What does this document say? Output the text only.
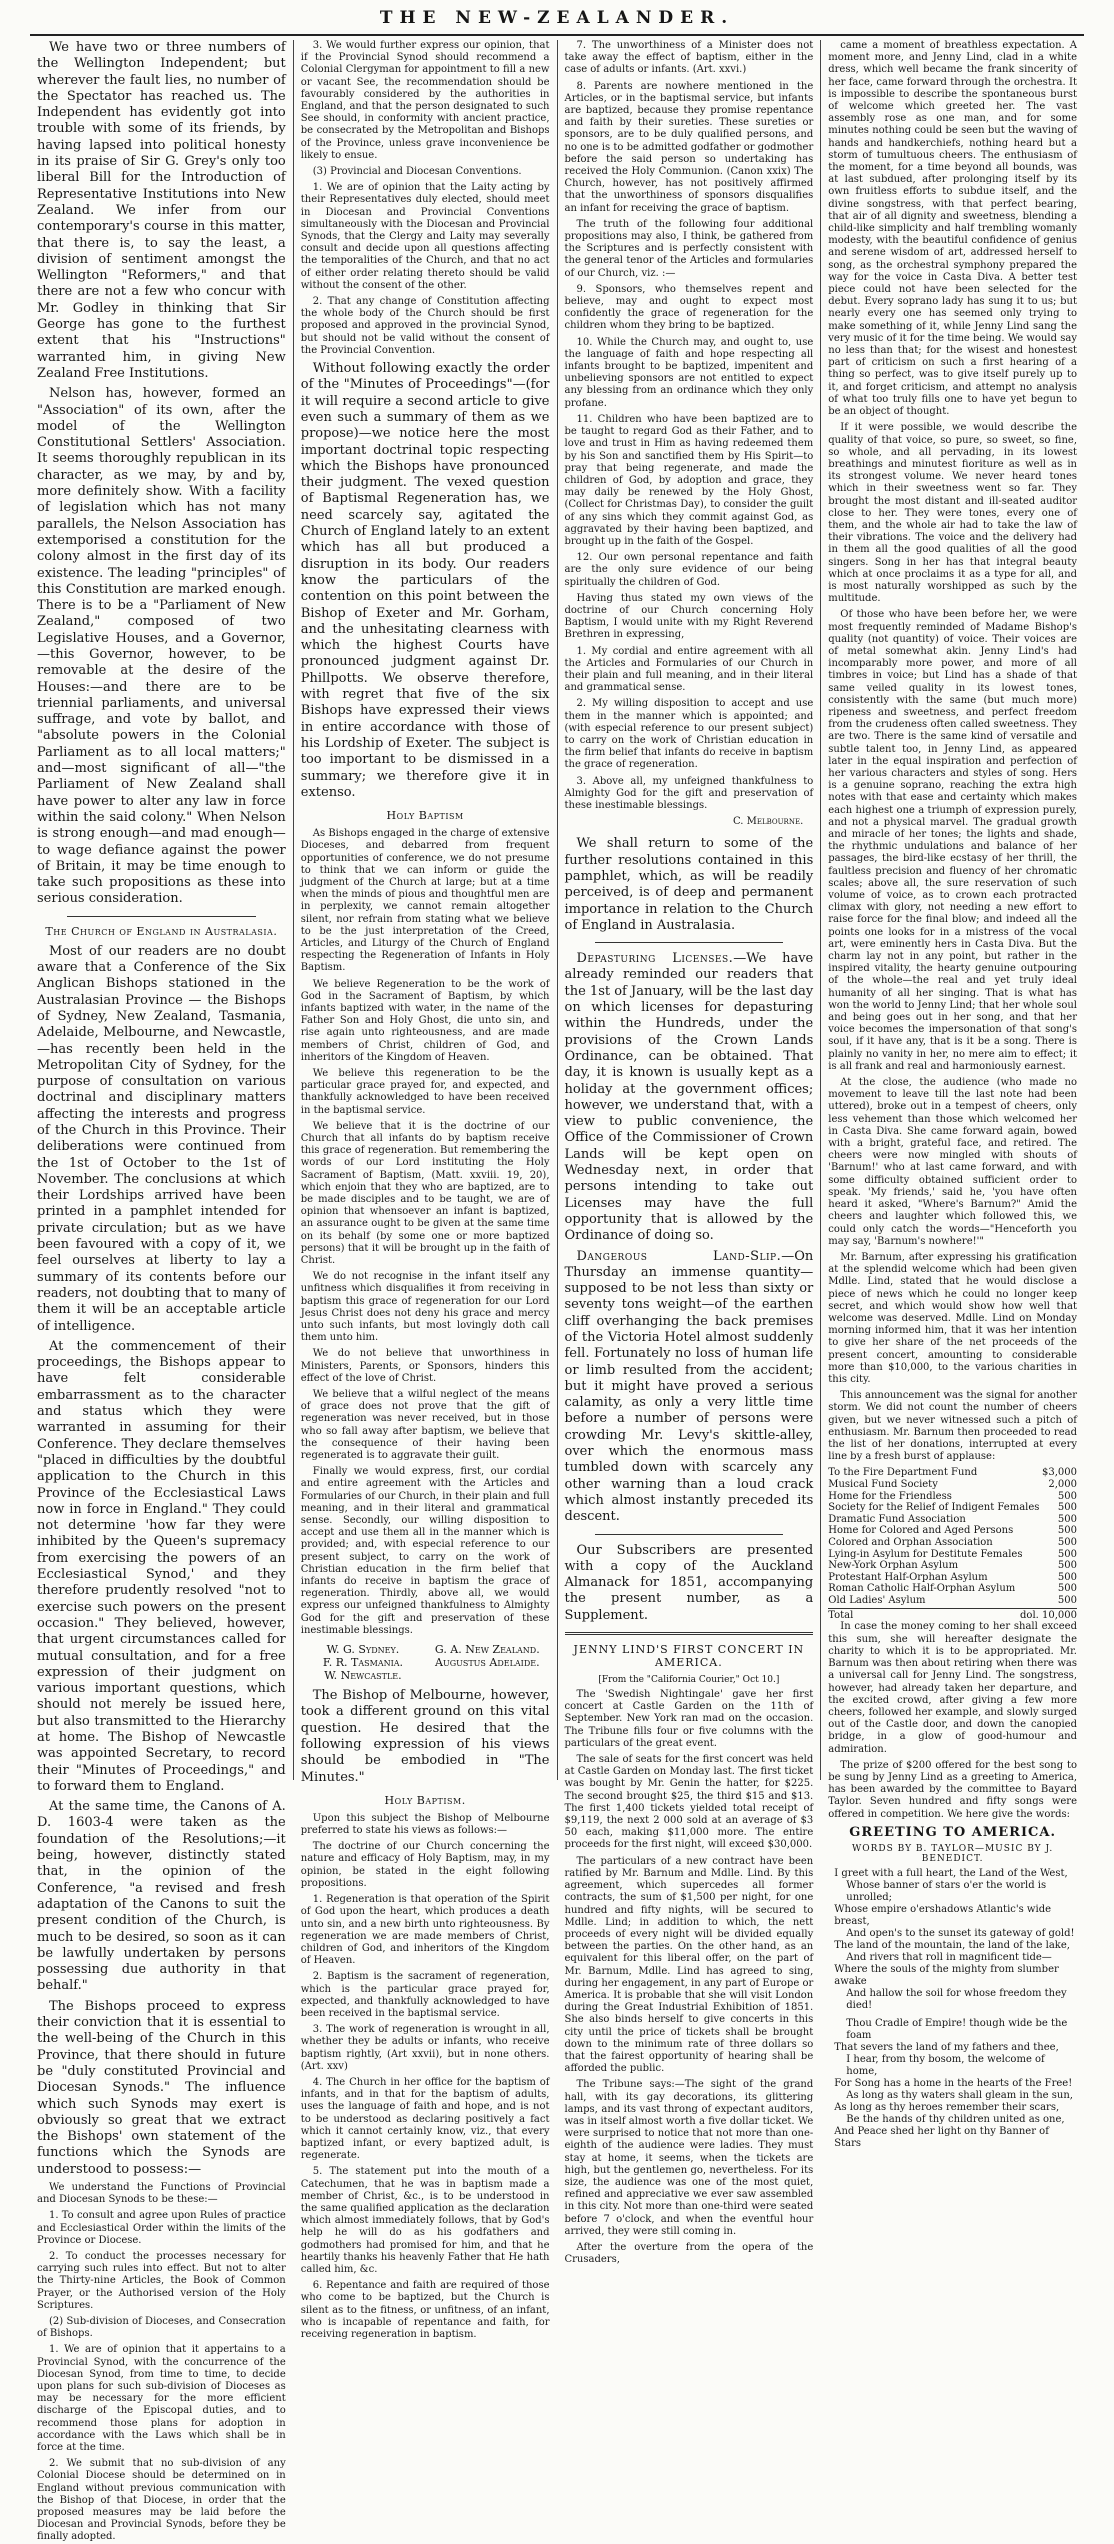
THE NEW-ZEALANDER.

We have two or three numbers of the Wellington Independent; but wherever the fault lies, no number of the Spectator has reached us. The Independent has evidently got into trouble with some of its friends, by having lapsed into political honesty in its praise of Sir G. Grey's only too liberal Bill for the Introduction of Representative Institutions into New Zealand. We infer from our contemporary's course in this matter, that there is, to say the least, a division of sentiment amongst the Wellington "Reformers," and that there are not a few who concur with Mr. Godley in thinking that Sir George has gone to the furthest extent that his "Instructions" warranted him, in giving New Zealand Free Institutions.

Nelson has, however, formed an "Association" of its own, after the model of the Wellington Constitutional Settlers' Association. It seems thoroughly republican in its character, as we may, by and by, more definitely show. With a facility of legislation which has not many parallels, the Nelson Association has extemporised a constitution for the colony almost in the first day of its existence. The leading "principles" of this Constitution are marked enough. There is to be a "Parliament of New Zealand," composed of two Legislative Houses, and a Governor,—this Governor, however, to be removable at the desire of the Houses:—and there are to be triennial parliaments, and universal suffrage, and vote by ballot, and "absolute powers in the Colonial Parliament as to all local matters;" and—most significant of all—"the Parliament of New Zealand shall have power to alter any law in force within the said colony." When Nelson is strong enough—and mad enough—to wage defiance against the power of Britain, it may be time enough to take such propositions as these into serious consideration.

The Church of England in Australasia.

Most of our readers are no doubt aware that a Conference of the Six Anglican Bishops stationed in the Australasian Province — the Bishops of Sydney, New Zealand, Tasmania, Adelaide, Melbourne, and Newcastle,—has recently been held in the Metropolitan City of Sydney, for the purpose of consultation on various doctrinal and disciplinary matters affecting the interests and progress of the Church in this Province. Their deliberations were continued from the 1st of October to the 1st of November. The conclusions at which their Lordships arrived have been printed in a pamphlet intended for private circulation; but as we have been favoured with a copy of it, we feel ourselves at liberty to lay a summary of its contents before our readers, not doubting that to many of them it will be an acceptable article of intelligence.

At the commencement of their proceedings, the Bishops appear to have felt considerable embarrassment as to the character and status which they were warranted in assuming for their Conference. They declare themselves "placed in difficulties by the doubtful application to the Church in this Province of the Ecclesiastical Laws now in force in England." They could not determine 'how far they were inhibited by the Queen's supremacy from exercising the powers of an Ecclesiastical Synod,' and they therefore prudently resolved "not to exercise such powers on the present occasion." They believed, however, that urgent circumstances called for mutual consultation, and for a free expression of their judgment on various important questions, which should not merely be issued here, but also transmitted to the Hierarchy at home. The Bishop of Newcastle was appointed Secretary, to record their "Minutes of Proceedings," and to forward them to England.

At the same time, the Canons of A. D. 1603-4 were taken as the foundation of the Resolutions;—it being, however, distinctly stated that, in the opinion of the Conference, "a revised and fresh adaptation of the Canons to suit the present condition of the Church, is much to be desired, so soon as it can be lawfully undertaken by persons possessing due authority in that behalf."

The Bishops proceed to express their conviction that it is essential to the well-being of the Church in this Province, that there should in future be "duly constituted Provincial and Diocesan Synods." The influence which such Synods may exert is obviously so great that we extract the Bishops' own statement of the functions which the Synods are understood to possess:—

We understand the Functions of Provincial and Diocesan Synods to be these:—

1. To consult and agree upon Rules of practice and Ecclesiastical Order within the limits of the Province or Diocese.

2. To conduct the processes necessary for carrying such rules into effect. But not to alter the Thirty-nine Articles, the Book of Common Prayer, or the Authorised version of the Holy Scriptures.

(2) Sub-division of Dioceses, and Consecration of Bishops.

1. We are of opinion that it appertains to a Provincial Synod, with the concurrence of the Diocesan Synod, from time to time, to decide upon plans for such sub-division of Dioceses as may be necessary for the more efficient discharge of the Episcopal duties, and to recommend those plans for adoption in accordance with the Laws which shall be in force at the time.

2. We submit that no sub-division of any Colonial Diocese should be determined on in England without previous communication with the Bishop of that Diocese, in order that the proposed measures may be laid before the Diocesan and Provincial Synods, before they be finally adopted.

3. We would further express our opinion, that if the Provincial Synod should recommend a Colonial Clergyman for appointment to fill a new or vacant See, the recommendation should be favourably considered by the authorities in England, and that the person designated to such See should, in conformity with ancient practice, be consecrated by the Metropolitan and Bishops of the Province, unless grave inconvenience be likely to ensue.

(3) Provincial and Diocesan Conventions.

1. We are of opinion that the Laity acting by their Representatives duly elected, should meet in Diocesan and Provincial Conventions simultaneously with the Diocesan and Provincial Synods, that the Clergy and Laity may severally consult and decide upon all questions affecting the temporalities of the Church, and that no act of either order relating thereto should be valid without the consent of the other.

2. That any change of Constitution affecting the whole body of the Church should be first proposed and approved in the provincial Synod, but should not be valid without the consent of the Provincial Convention.

Without following exactly the order of the "Minutes of Proceedings"—(for it will require a second article to give even such a summary of them as we propose)—we notice here the most important doctrinal topic respecting which the Bishops have pronounced their judgment. The vexed question of Baptismal Regeneration has, we need scarcely say, agitated the Church of England lately to an extent which has all but produced a disruption in its body. Our readers know the particulars of the contention on this point between the Bishop of Exeter and Mr. Gorham, and the unhesitating clearness with which the highest Courts have pronounced judgment against Dr. Phillpotts. We observe therefore, with regret that five of the six Bishops have expressed their views in entire accordance with those of his Lordship of Exeter. The subject is too important to be dismissed in a summary; we therefore give it in extenso.

Holy Baptism

As Bishops engaged in the charge of extensive Dioceses, and debarred from frequent opportunities of conference, we do not presume to think that we can inform or guide the judgment of the Church at large; but at a time when the minds of pious and thoughtful men are in perplexity, we cannot remain altogether silent, nor refrain from stating what we believe to be the just interpretation of the Creed, Articles, and Liturgy of the Church of England respecting the Regeneration of Infants in Holy Baptism.

We believe Regeneration to be the work of God in the Sacrament of Baptism, by which infants baptized with water, in the name of the Father Son and Holy Ghost, die unto sin, and rise again unto righteousness, and are made members of Christ, children of God, and inheritors of the Kingdom of Heaven.

We believe this regeneration to be the particular grace prayed for, and expected, and thankfully acknowledged to have been received in the baptismal service.

We believe that it is the doctrine of our Church that all infants do by baptism receive this grace of regeneration. But remembering the words of our Lord instituting the Holy Sacrament of Baptism, (Matt. xxviii. 19, 20), which enjoin that they who are baptized, are to be made disciples and to be taught, we are of opinion that whensoever an infant is baptized, an assurance ought to be given at the same time on its behalf (by some one or more baptized persons) that it will be brought up in the faith of Christ.

We do not recognise in the infant itself any unfitness which disqualifies it from receiving in baptism this grace of regeneration for our Lord Jesus Christ does not deny his grace and mercy unto such infants, but most lovingly doth call them unto him.

We do not believe that unworthiness in Ministers, Parents, or Sponsors, hinders this effect of the love of Christ.

We believe that a wilful neglect of the means of grace does not prove that the gift of regeneration was never received, but in those who so fall away after baptism, we believe that the consequence of their having been regenerated is to aggravate their guilt.

Finally we would express, first, our cordial and entire agreement with the Articles and Formularies of our Church, in their plain and full meaning, and in their literal and grammatical sense. Secondly, our willing disposition to accept and use them all in the manner which is provided; and, with especial reference to our present subject, to carry on the work of Christian education in the firm belief that infants do receive in baptism the grace of regeneration. Thirdly, above all, we would express our unfeigned thankfulness to Almighty God for the gift and preservation of these inestimable blessings.

W. G. Sydney.	G. A. New Zealand.
F. R. Tasmania.	Augustus Adelaide.
W. Newcastle.

The Bishop of Melbourne, however, took a different ground on this vital question. He desired that the following expression of his views should be embodied in "The Minutes."

Holy Baptism.

Upon this subject the Bishop of Melbourne preferred to state his views as follows:—

The doctrine of our Church concerning the nature and efficacy of Holy Baptism, may, in my opinion, be stated in the eight following propositions.

1. Regeneration is that operation of the Spirit of God upon the heart, which produces a death unto sin, and a new birth unto righteousness. By regeneration we are made members of Christ, children of God, and inheritors of the Kingdom of Heaven.

2. Baptism is the sacrament of regeneration, which is the particular grace prayed for, expected, and thankfully acknowledged to have been received in the baptismal service.

3. The work of regeneration is wrought in all, whether they be adults or infants, who receive baptism rightly, (Art xxvii), but in none others. (Art. xxv)

4. The Church in her office for the baptism of infants, and in that for the baptism of adults, uses the language of faith and hope, and is not to be understood as declaring positively a fact which it cannot certainly know, viz., that every baptized infant, or every baptized adult, is regenerate.

5. The statement put into the mouth of a Catechumen, that he was in baptism made a member of Christ, &c., is to be understood in the same qualified application as the declaration which almost immediately follows, that by God's help he will do as his godfathers and godmothers had promised for him, and that he heartily thanks his heavenly Father that He hath called him, &c.

6. Repentance and faith are required of those who come to be baptized, but the Church is silent as to the fitness, or unfitness, of an infant, who is incapable of repentance and faith, for receiving regeneration in baptism.

7. The unworthiness of a Minister does not take away the effect of baptism, either in the case of adults or infants. (Art. xxvi.)

8. Parents are nowhere mentioned in the Articles, or in the baptismal service, but infants are baptized, because they promise repentance and faith by their sureties. These sureties or sponsors, are to be duly qualified persons, and no one is to be admitted godfather or godmother before the said person so undertaking has received the Holy Communion. (Canon xxix) The Church, however, has not positively affirmed that the unworthiness of sponsors disqualifies an infant for receiving the grace of baptism.

The truth of the following four additional propositions may also, I think, be gathered from the Scriptures and is perfectly consistent with the general tenor of the Articles and formularies of our Church, viz. :—

9. Sponsors, who themselves repent and believe, may and ought to expect most confidently the grace of regeneration for the children whom they bring to be baptized.

10. While the Church may, and ought to, use the language of faith and hope respecting all infants brought to be baptized, impenitent and unbelieving sponsors are not entitled to expect any blessing from an ordinance which they only profane.

11. Children who have been baptized are to be taught to regard God as their Father, and to love and trust in Him as having redeemed them by his Son and sanctified them by His Spirit—to pray that being regenerate, and made the children of God, by adoption and grace, they may daily be renewed by the Holy Ghost, (Collect for Christmas Day), to consider the guilt of any sins which they commit against God, as aggravated by their having been baptized, and brought up in the faith of the Gospel.

12. Our own personal repentance and faith are the only sure evidence of our being spiritually the children of God.

Having thus stated my own views of the doctrine of our Church concerning Holy Baptism, I would unite with my Right Reverend Brethren in expressing,

1. My cordial and entire agreement with all the Articles and Formularies of our Church in their plain and full meaning, and in their literal and grammatical sense.

2. My willing disposition to accept and use them in the manner which is appointed; and (with especial reference to our present subject) to carry on the work of Christian education in the firm belief that infants do receive in baptism the grace of regeneration.

3. Above all, my unfeigned thankfulness to Almighty God for the gift and preservation of these inestimable blessings.

C. Melbourne.

We shall return to some of the further resolutions contained in this pamphlet, which, as will be readily perceived, is of deep and permanent importance in relation to the Church of England in Australasia.

Depasturing Licenses.—We have already reminded our readers that the 1st of January, will be the last day on which licenses for depasturing within the Hundreds, under the provisions of the Crown Lands Ordinance, can be obtained. That day, it is known is usually kept as a holiday at the government offices; however, we understand that, with a view to public convenience, the Office of the Commissioner of Crown Lands will be kept open on Wednesday next, in order that persons intending to take out Licenses may have the full opportunity that is allowed by the Ordinance of doing so.

Dangerous Land-Slip.—On Thursday an immense quantity—supposed to be not less than sixty or seventy tons weight—of the earthen cliff overhanging the back premises of the Victoria Hotel almost suddenly fell. Fortunately no loss of human life or limb resulted from the accident; but it might have proved a serious calamity, as only a very little time before a number of persons were crowding Mr. Levy's skittle-alley, over which the enormous mass tumbled down with scarcely any other warning than a loud crack which almost instantly preceded its descent.

Our Subscribers are presented with a copy of the Auckland Almanack for 1851, accompanying the present number, as a Supplement.

JENNY LIND'S FIRST CONCERT IN AMERICA.
[From the "California Courier," Oct 10.]

The 'Swedish Nightingale' gave her first concert at Castle Garden on the 11th of September. New York ran mad on the occasion. The Tribune fills four or five columns with the particulars of the great event.

The sale of seats for the first concert was held at Castle Garden on Monday last. The first ticket was bought by Mr. Genin the hatter, for $225. The second brought $25, the third $15 and $13. The first 1,400 tickets yielded total receipt of $9,119, the next 2 000 sold at an average of $3 50 each, making $11,000 more. The entire proceeds for the first night, will exceed $30,000.

The particulars of a new contract have been ratified by Mr. Barnum and Mdlle. Lind. By this agreement, which supercedes all former contracts, the sum of $1,500 per night, for one hundred and fifty nights, will be secured to Mdlle. Lind; in addition to which, the nett proceeds of every night will be divided equally between the parties. On the other hand, as an equivalent for this liberal offer, on the part of Mr. Barnum, Mdlle. Lind has agreed to sing, during her engagement, in any part of Europe or America. It is probable that she will visit London during the Great Industrial Exhibition of 1851. She also binds herself to give concerts in this city until the price of tickets shall be brought down to the minimum rate of three dollars so that the fairest opportunity of hearing shall be afforded the public.

The Tribune says:—The sight of the grand hall, with its gay decorations, its glittering lamps, and its vast throng of expectant auditors, was in itself almost worth a five dollar ticket. We were surprised to notice that not more than one-eighth of the audience were ladies. They must stay at home, it seems, when the tickets are high, but the gentlemen go, nevertheless. For its size, the audience was one of the most quiet, refined and appreciative we ever saw assembled in this city. Not more than one-third were seated before 7 o'clock, and when the eventful hour arrived, they were still coming in.

After the overture from the opera of the Crusaders,

came a moment of breathless expectation. A moment more, and Jenny Lind, clad in a white dress, which well became the frank sincerity of her face, came forward through the orchestra. It is impossible to describe the spontaneous burst of welcome which greeted her. The vast assembly rose as one man, and for some minutes nothing could be seen but the waving of hands and handkerchiefs, nothing heard but a storm of tumultuous cheers. The enthusiasm of the moment, for a time beyond all bounds, was at last subdued, after prolonging itself by its own fruitless efforts to subdue itself, and the divine songstress, with that perfect bearing, that air of all dignity and sweetness, blending a child-like simplicity and half trembling womanly modesty, with the beautiful confidence of genius and serene wisdom of art, addressed herself to song, as the orchestral symphony prepared the way for the voice in Casta Diva. A better test piece could not have been selected for the debut. Every soprano lady has sung it to us; but nearly every one has seemed only trying to make something of it, while Jenny Lind sang the very music of it for the time being. We would say no less than that; for the wisest and honestest part of criticism on such a first hearing of a thing so perfect, was to give itself purely up to it, and forget criticism, and attempt no analysis of what too truly fills one to have yet begun to be an object of thought.

If it were possible, we would describe the quality of that voice, so pure, so sweet, so fine, so whole, and all pervading, in its lowest breathings and minutest fioriture as well as in its strongest volume. We never heard tones which in their sweetness went so far. They brought the most distant and ill-seated auditor close to her. They were tones, every one of them, and the whole air had to take the law of their vibrations. The voice and the delivery had in them all the good qualities of all the good singers. Song in her has that integral beauty which at once proclaims it as a type for all, and is most naturally worshipped as such by the multitude.

Of those who have been before her, we were most frequently reminded of Madame Bishop's quality (not quantity) of voice. Their voices are of metal somewhat akin. Jenny Lind's had incomparably more power, and more of all timbres in voice; but Lind has a shade of that same veiled quality in its lowest tones, consistently with the same (but much more) ripeness and sweetness, and perfect freedom from the crudeness often called sweetness. They are two. There is the same kind of versatile and subtle talent too, in Jenny Lind, as appeared later in the equal inspiration and perfection of her various characters and styles of song. Hers is a genuine soprano, reaching the extra high notes with that ease and certainty which makes each highest one a triumph of expression purely, and not a physical marvel. The gradual growth and miracle of her tones; the lights and shade, the rhythmic undulations and balance of her passages, the bird-like ecstasy of her thrill, the faultless precision and fluency of her chromatic scales; above all, the sure reservation of such volume of voice, as to crown each protracted climax with glory, not needing a new effort to raise force for the final blow; and indeed all the points one looks for in a mistress of the vocal art, were eminently hers in Casta Diva. But the charm lay not in any point, but rather in the inspired vitality, the hearty genuine outpouring of the whole—the real and yet truly ideal humanity of all her singing. That is what has won the world to Jenny Lind; that her whole soul and being goes out in her song, and that her voice becomes the impersonation of that song's soul, if it have any, that is it be a song. There is plainly no vanity in her, no mere aim to effect; it is all frank and real and harmoniously earnest.

At the close, the audience (who made no movement to leave till the last note had been uttered), broke out in a tempest of cheers, only less vehement than those which welcomed her in Casta Diva. She came forward again, bowed with a bright, grateful face, and retired. The cheers were now mingled with shouts of 'Barnum!' who at last came forward, and with some difficulty obtained sufficient order to speak. 'My friends,' said he, 'you have often heard it asked, "Where's Barnum?" Amid the cheers and laughter which followed this, we could only catch the words—"Henceforth you may say, 'Barnum's nowhere!'"

Mr. Barnum, after expressing his gratification at the splendid welcome which had been given Mdlle. Lind, stated that he would disclose a piece of news which he could no longer keep secret, and which would show how well that welcome was deserved. Mdlle. Lind on Monday morning informed him, that it was her intention to give her share of the net proceeds of the present concert, amounting to considerable more than $10,000, to the various charities in this city.

This announcement was the signal for another storm. We did not count the number of cheers given, but we never witnessed such a pitch of enthusiasm. Mr. Barnum then proceeded to read the list of her donations, interrupted at every line by a fresh burst of applause:

To the Fire Department Fund	$3,000
Musical Fund Society	2,000
Home for the Friendless	500
Society for the Relief of Indigent Females	500
Dramatic Fund Association	500
Home for Colored and Aged Persons	500
Colored and Orphan Association	500
Lying-in Asylum for Destitute Females	500
New-York Orphan Asylum	500
Protestant Half-Orphan Asylum	500
Roman Catholic Half-Orphan Asylum	500
Old Ladies' Asylum	500
Total	dol. 10,000

In case the money coming to her shall exceed this sum, she will hereafter designate the charity to which it is to be appropriated. Mr. Barnum was then about retiring when there was a universal call for Jenny Lind. The songstress, however, had already taken her departure, and the excited crowd, after giving a few more cheers, followed her example, and slowly surged out of the Castle door, and down the canopied bridge, in a glow of good-humour and admiration.

The prize of $200 offered for the best song to be sung by Jenny Lind as a greeting to America, has been awarded by the committee to Bayard Taylor. Seven hundred and fifty songs were offered in competition. We here give the words:

GREETING TO AMERICA.
WORDS BY B. TAYLOR—MUSIC BY J. BENEDICT.
I greet with a full heart, the Land of the West,
Whose banner of stars o'er the world is unrolled;
Whose empire o'ershadows Atlantic's wide breast,
And open's to the sunset its gateway of gold!
The land of the mountain, the land of the lake,
And rivers that roll in magnificent tide—
Where the souls of the mighty from slumber awake
And hallow the soil for whose freedom they died!
Thou Cradle of Empire! though wide be the foam
That severs the land of my fathers and thee,
I hear, from thy bosom, the welcome of home,
For Song has a home in the hearts of the Free!
As long as thy waters shall gleam in the sun,
As long as thy heroes remember their scars,
Be the hands of thy children united as one,
And Peace shed her light on thy Banner of Stars
